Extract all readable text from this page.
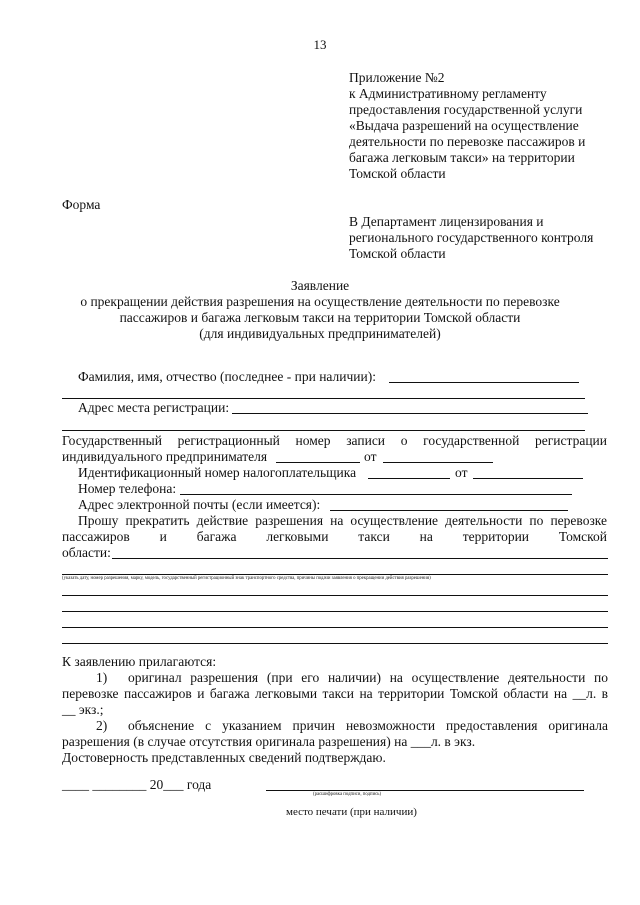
13
Приложение №2
к Административному регламенту
предоставления государственной услуги
«Выдача разрешений на осуществление
деятельности по перевозке пассажиров и
багажа легковым такси» на территории
Томской области
Форма
В Департамент лицензирования и
регионального государственного контроля
Томской области
Заявление
о прекращении действия разрешения на осуществление деятельности по перевозке
пассажиров и багажа легковым такси на территории Томской области
(для индивидуальных предпринимателей)
Фамилия, имя, отчество (последнее - при наличии):
Адрес места регистрации:
Государственный регистрационный номер записи о государственной регистрации
индивидуального предпринимателя	от
Идентификационный номер налогоплательщика	от
Номер телефона:
Адрес электронной почты (если имеется):
Прошу прекратить действие разрешения на осуществление деятельности по перевозке
пассажиров и багажа легковыми такси на территории Томской
области:
(указать дату, номер разрешения, марку, модель, государственный регистрационный знак транспортного средства, причины подачи заявления о прекращении действия разрешения)
К заявлению прилагаются:
1) оригинал разрешения (при его наличии) на осуществление деятельности по
перевозке пассажиров и багажа легковыми такси на территории Томской области на __л. в
__ экз.;
2) объяснение с указанием причин невозможности предоставления оригинала
разрешения (в случае отсутствия оригинала разрешения) на ___л. в экз.
Достоверность представленных сведений подтверждаю.
____ ________ 20___ года
(расшифровка подписи, подпись)
место печати (при наличии)
